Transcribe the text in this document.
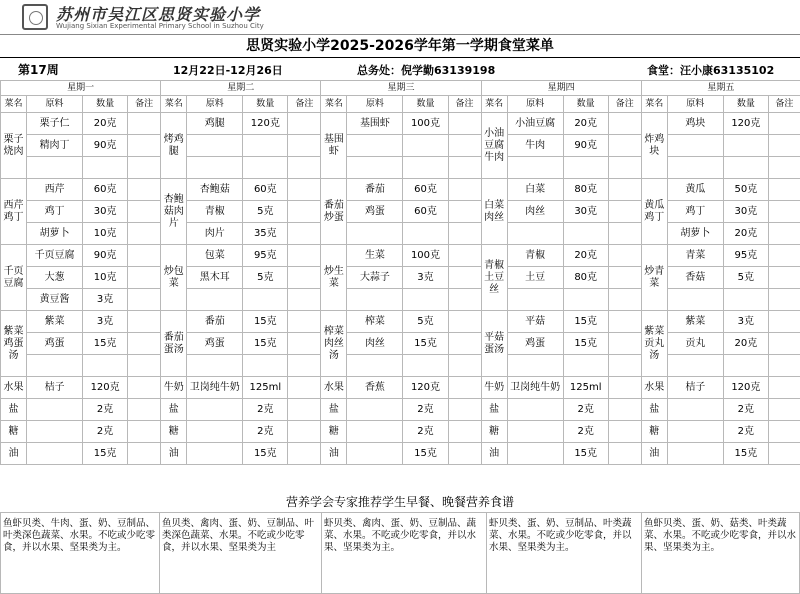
苏州市吴江区思贤实验小学
Wujiang Sixian Experimental Primary School in Suzhou City
思贤实验小学2025-2026学年第一学期食堂菜单
第17周	12月22日-12月26日	总务处：倪学勤63139198	食堂：汪小康63135102
星期一				星期二				星期三				星期四				星期五			
菜名	原料	数量	备注	菜名	原料	数量	备注	菜名	原料	数量	备注	菜名	原料	数量	备注	菜名	原料	数量	备注
栗子烧肉	栗子仁	20克		烤鸡腿	鸡腿	120克		基围虾	基围虾	100克		小油豆腐牛肉	小油豆腐	20克		炸鸡块	鸡块	120克	
	精肉丁	90克											牛肉	90克					

西芹鸡丁	西芹	60克		杏鲍菇肉片	杏鲍菇	60克		番茄炒蛋	番茄	60克		白菜肉丝	白菜	80克		黄瓜鸡丁	黄瓜	50克	
	鸡丁	30克			青椒	5克			鸡蛋	60克			肉丝	30克			鸡丁	30克	
	胡萝卜	10克			肉片	35克											胡萝卜	20克	
千页豆腐	千页豆腐	90克		炒包菜	包菜	95克		炒生菜	生菜	100克		青椒土豆丝	青椒	20克		炒青菜	青菜	95克	
	大葱	10克			黑木耳	5克			大蒜子	3克			土豆	80克			香菇	5克	
	黄豆酱	3克																	
紫菜鸡蛋汤	紫菜	3克		番茄蛋汤	番茄	15克		榨菜肉丝汤	榨菜	5克		平菇蛋汤	平菇	15克		紫菜贡丸汤	紫菜	3克	
	鸡蛋	15克			鸡蛋	15克			肉丝	15克			鸡蛋	15克			贡丸	20克	

水果	桔子	120克		牛奶	卫岗纯牛奶	125ml		水果	香蕉	120克		牛奶	卫岗纯牛奶	125ml		水果	桔子	120克	
盐		2克		盐		2克		盐		2克		盐		2克		盐		2克	
糖		2克		糖		2克		糖		2克		糖		2克		糖		2克	
油		15克		油		15克		油		15克		油		15克		油		15克	
营养学会专家推荐学生早餐、晚餐营养食谱
鱼虾贝类、牛肉、蛋、奶、豆制品、叶类深色蔬菜、水果。不吃或少吃零食，并以水果、坚果类为主。
鱼贝类、禽肉、蛋、奶、豆制品、叶类深色蔬菜、水果。不吃或少吃零食，并以水果、坚果类为主
虾贝类、禽肉、蛋、奶、豆制品、蔬菜、水果。不吃或少吃零食，并以水果、坚果类为主。
虾贝类、蛋、奶、豆制品、叶类蔬菜、水果。不吃或少吃零食，并以水果、坚果类为主。
鱼虾贝类、蛋、奶、菇类、叶类蔬菜、水果。不吃或少吃零食，并以水果、坚果类为主。
